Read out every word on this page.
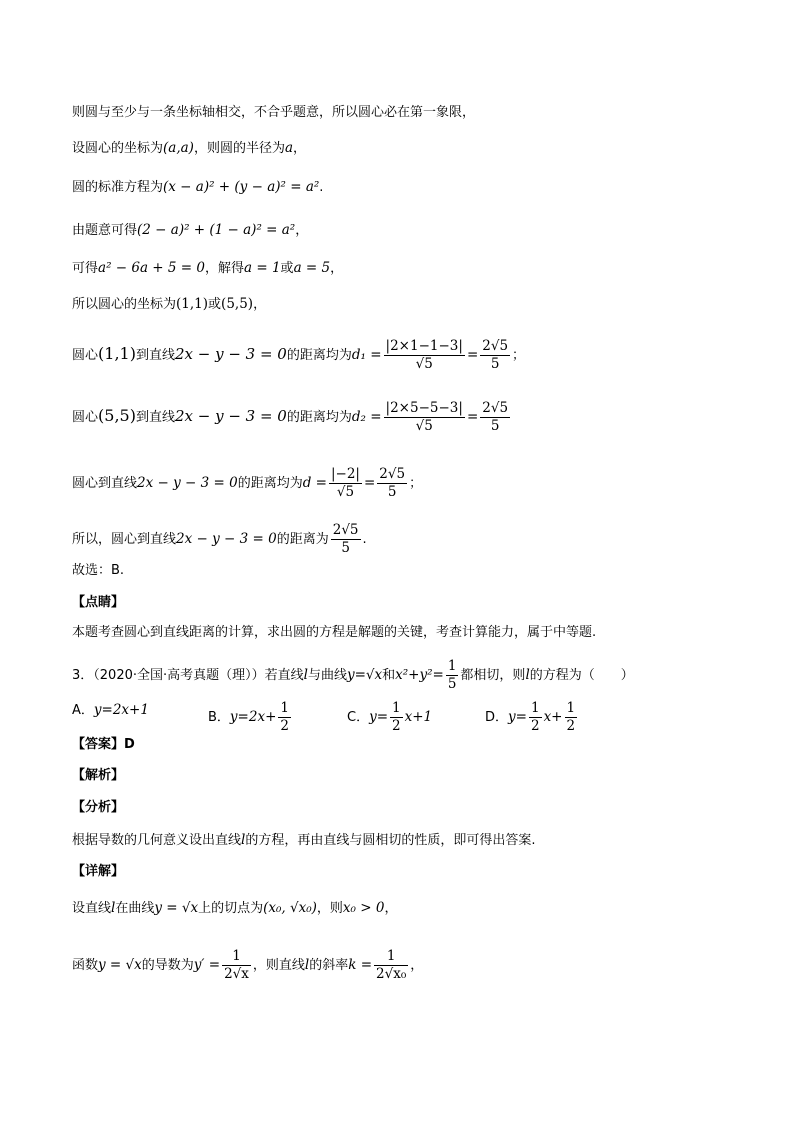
则圆与至少与一条坐标轴相交，不合乎题意，所以圆心必在第一象限，
设圆心的坐标为(a,a)，则圆的半径为a，
圆的标准方程为(x − a)² + (y − a)² = a².
由题意可得(2 − a)² + (1 − a)² = a²，
可得a² − 6a + 5 = 0，解得a = 1或a = 5，
所以圆心的坐标为(1,1)或(5,5)，
圆心(1,1)到直线2x − y − 3 = 0的距离均为$d_1 = \frac{|2\times 1-1-3|}{√5} = \frac{2√5}{5}$ ；
圆心(5,5)到直线2x − y − 3 = 0的距离均为$d_2 = \frac{|2\times 5-5-3|}{√5} = \frac{2√5}{5}$
圆心到直线2x − y − 3 = 0的距离均为$d = \frac{|-2|}{√5} = \frac{2√5}{5}$ ；
所以，圆心到直线2x − y − 3 = 0的距离为 $\frac{2√5}{5}$ .
故选：B.
【点睛】
本题考查圆心到直线距离的计算，求出圆的方程是解题的关键，考查计算能力，属于中等题.
3．（2020·全国·高考真题（理））若直线l与曲线y=√x和$x^2+y^2= \frac{1}{5}$ 都相切，则l的方程为（　　）
A．y=2x+1	B．$y=2x+ \frac{1}{2}$	C．$y= \frac{1}{2} x+1$	D．$y= \frac{1}{2} x+ \frac{1}{2}$
【答案】D
【解析】
【分析】
根据导数的几何意义设出直线l的方程，再由直线与圆相切的性质，即可得出答案.
【详解】
设直线l在曲线y = √x上的切点为(x₀, √x₀)，则x₀ > 0，
函数y = √x的导数为$y' = \frac{1}{2√x}$ ，则直线l的斜率$k = \frac{1}{\text{2√x₀}}$ ，
